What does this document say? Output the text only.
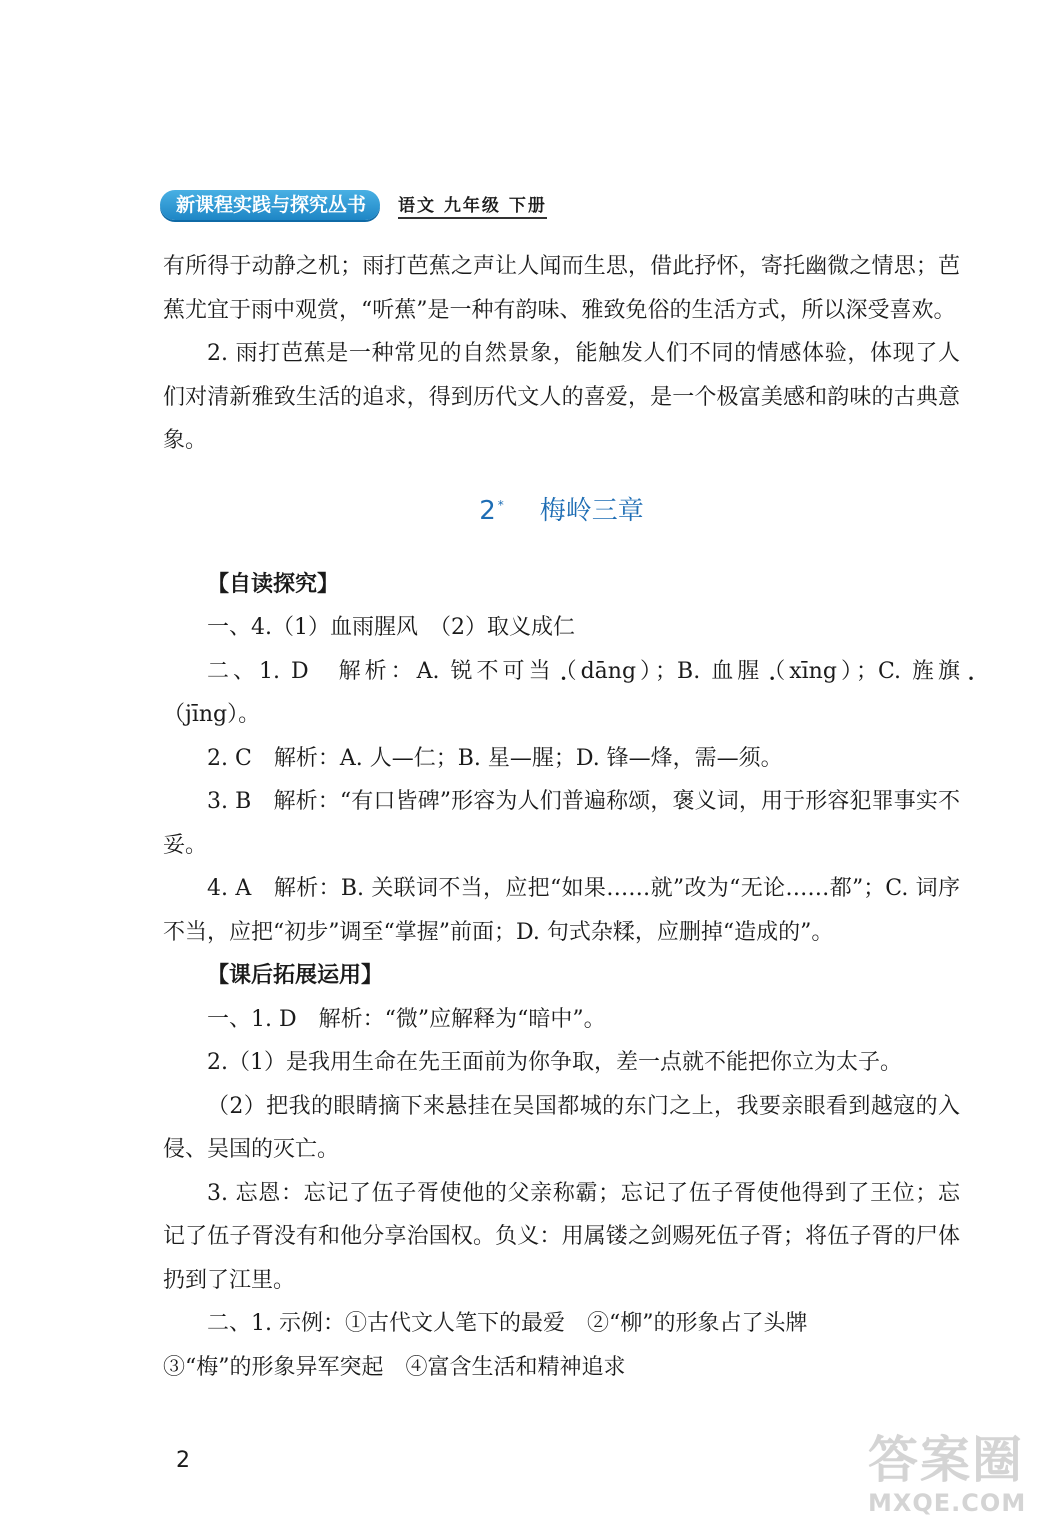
新课程实践与探究丛书	语文 九年级 下册

有所得于动静之机；雨打芭蕉之声让人闻而生思，借此抒怀，寄托幽微之情思；芭蕉尤宜于雨中观赏，“听蕉”是一种有韵味、雅致免俗的生活方式，所以深受喜欢。

2. 雨打芭蕉是一种常见的自然景象，能触发人们不同的情感体验，体现了人们对清新雅致生活的追求，得到历代文人的喜爱，是一个极富美感和韵味的古典意象。

2 * 梅岭三章

【自读探究】

一、4.（1）血雨腥风　（2）取义成仁

二、1. D　解析：A. 锐不可当（dāng）；B. 血腥（xīng）；C. 旌旗（jīng）。

2. C　解析：A. 人—仁；B. 星—腥；D. 锋—烽，需—须。

3. B　解析：“有口皆碑”形容为人们普遍称颂，褒义词，用于形容犯罪事实不妥。

4. A　解析：B. 关联词不当，应把“如果……就”改为“无论……都”；C. 词序不当，应把“初步”调至“掌握”前面；D. 句式杂糅，应删掉“造成的”。

【课后拓展运用】

一、1. D　解析：“微”应解释为“暗中”。

2.（1）是我用生命在先王面前为你争取，差一点就不能把你立为太子。

（2）把我的眼睛摘下来悬挂在吴国都城的东门之上，我要亲眼看到越寇的入侵、吴国的灭亡。

3. 忘恩：忘记了伍子胥使他的父亲称霸；忘记了伍子胥使他得到了王位；忘记了伍子胥没有和他分享治国权。负义：用属镂之剑赐死伍子胥；将伍子胥的尸体扔到了江里。

二、1. 示例：①古代文人笔下的最爱　②“柳”的形象占了头牌

③“梅”的形象异军突起　④富含生活和精神追求

2	答案圈
MXQE.COM
